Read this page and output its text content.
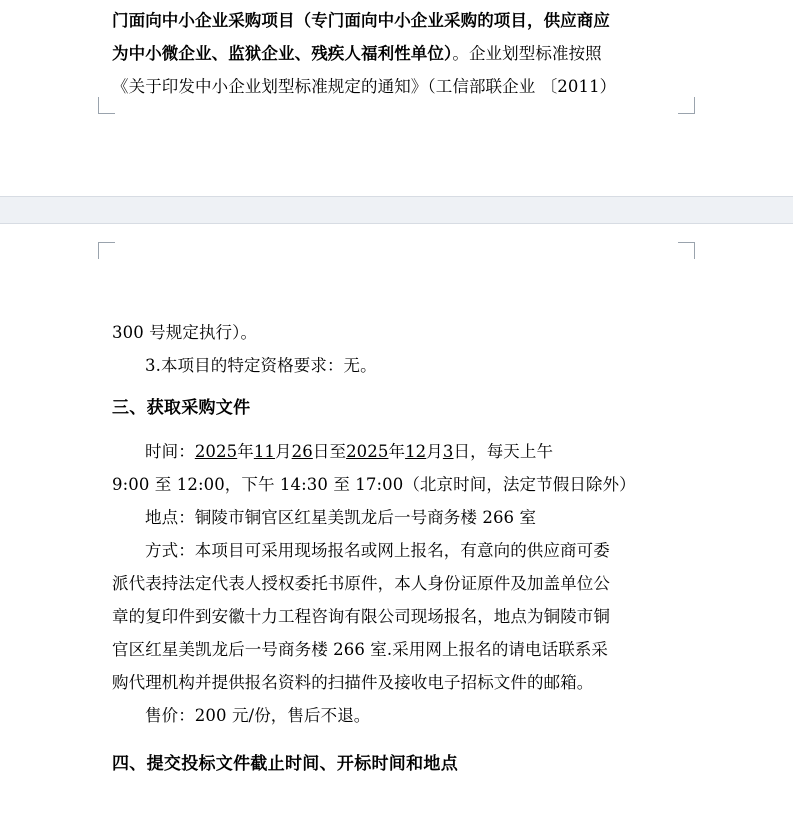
门面向中小企业采购项目（专门面向中小企业采购的项目，供应商应

为中小微企业、监狱企业、残疾人福利性单位）。企业划型标准按照

《关于印发中小企业划型标准规定的通知》（工信部联企业 〔2011）

300 号规定执行）。

3.本项目的特定资格要求：无。

三、获取采购文件

时间：2025年11月26日至2025年12月3日，每天上午

9:00 至 12:00，下午 14:30 至 17:00（北京时间，法定节假日除外）

地点：铜陵市铜官区红星美凯龙后一号商务楼 266 室

方式：本项目可采用现场报名或网上报名，有意向的供应商可委

派代表持法定代表人授权委托书原件，本人身份证原件及加盖单位公

章的复印件到安徽十力工程咨询有限公司现场报名，地点为铜陵市铜

官区红星美凯龙后一号商务楼 266 室.采用网上报名的请电话联系采

购代理机构并提供报名资料的扫描件及接收电子招标文件的邮箱。

售价：200 元/份，售后不退。

四、提交投标文件截止时间、开标时间和地点
